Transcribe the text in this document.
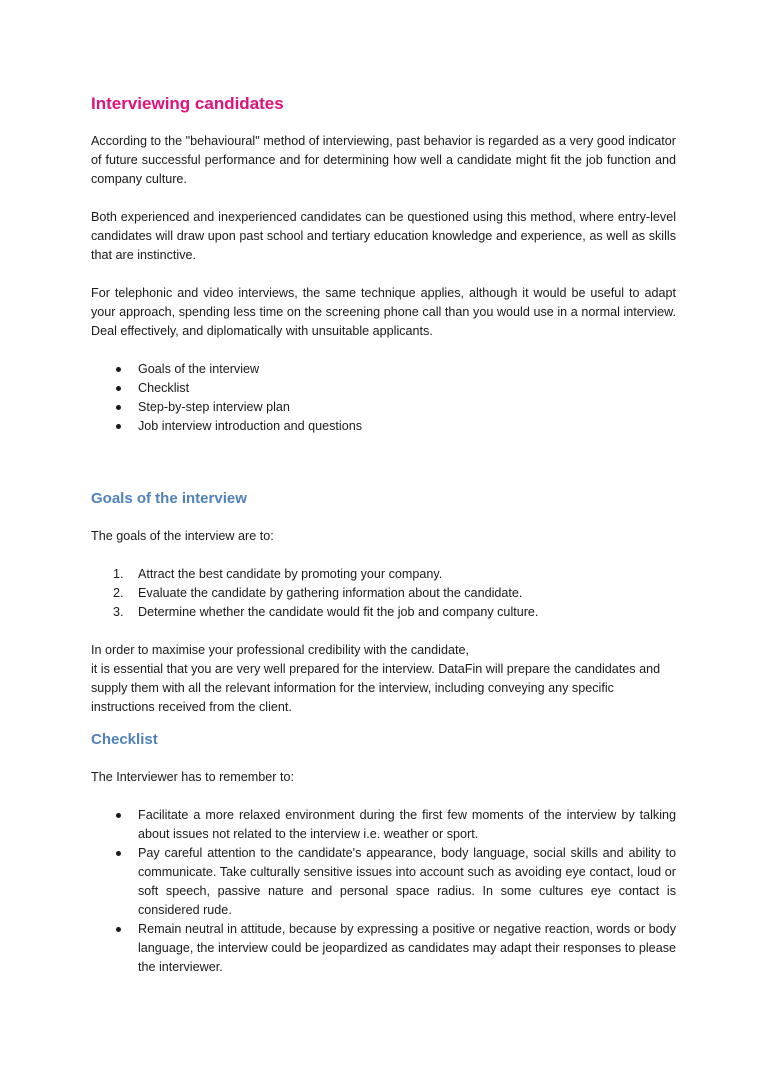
Interviewing candidates

According to the "behavioural" method of interviewing, past behavior is regarded as a very good indicator of future successful performance and for determining how well a candidate might fit the job function and company culture.

Both experienced and inexperienced candidates can be questioned using this method, where entry-level candidates will draw upon past school and tertiary education knowledge and experience, as well as skills that are instinctive.

For telephonic and video interviews, the same technique applies, although it would be useful to adapt your approach, spending less time on the screening phone call than you would use in a normal interview. Deal effectively, and diplomatically with unsuitable applicants.

Goals of the interview
Checklist
Step-by-step interview plan
Job interview introduction and questions
Goals of the interview

The goals of the interview are to:

1. Attract the best candidate by promoting your company.
2. Evaluate the candidate by gathering information about the candidate.
3. Determine whether the candidate would fit the job and company culture.

In order to maximise your professional credibility with the candidate,

it is essential that you are very well prepared for the interview. DataFin will prepare the candidates and supply them with all the relevant information for the interview, including conveying any specific instructions received from the client.

Checklist

The Interviewer has to remember to:

Facilitate a more relaxed environment during the first few moments of the interview by talking about issues not related to the interview i.e. weather or sport.
Pay careful attention to the candidate's appearance, body language, social skills and ability to communicate. Take culturally sensitive issues into account such as avoiding eye contact, loud or soft speech, passive nature and personal space radius. In some cultures eye contact is considered rude.
Remain neutral in attitude, because by expressing a positive or negative reaction, words or body language, the interview could be jeopardized as candidates may adapt their responses to please the interviewer.
